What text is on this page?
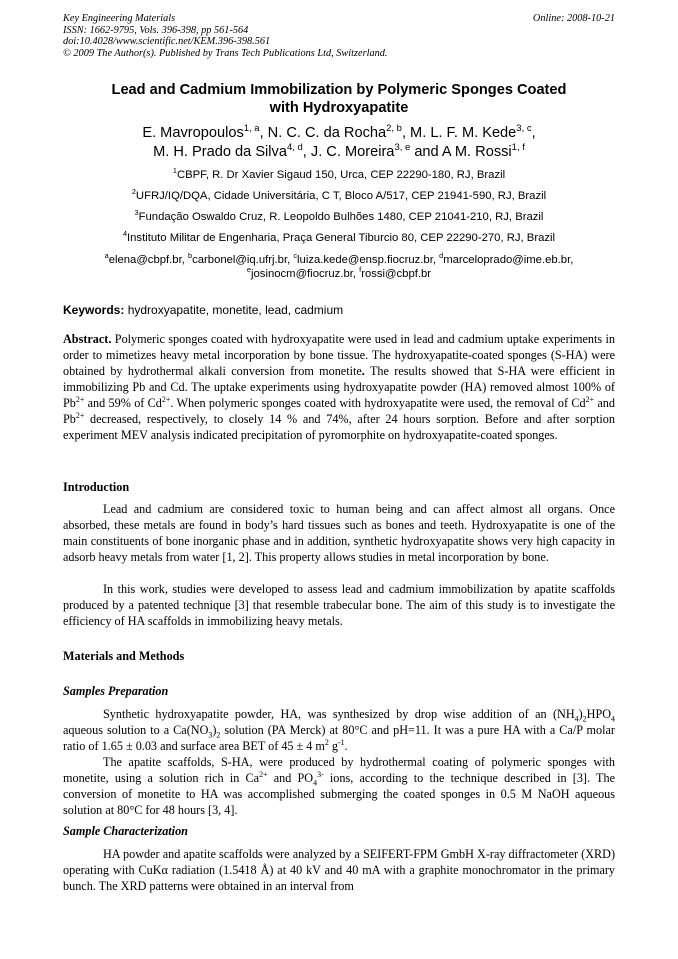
Key Engineering Materials
ISSN: 1662-9795, Vols. 396-398, pp 561-564
doi:10.4028/www.scientific.net/KEM.396-398.561
© 2009 The Author(s). Published by Trans Tech Publications Ltd, Switzerland.
Online: 2008-10-21
Lead and Cadmium Immobilization by Polymeric Sponges Coated
with Hydroxyapatite
E. Mavropoulos$^{1, a}$, N. C. C. da Rocha$^{2, b}$, M. L. F. M. Kede$^{3, c}$,
M. H. Prado da Silva$^{4, d}$, J. C. Moreira$^{3, e}$ and A M. Rossi$^{1, f}$
$^1$CBPF, R. Dr Xavier Sigaud 150, Urca, CEP 22290-180, RJ, Brazil
$^2$UFRJ/IQ/DQA, Cidade Universitária, C T, Bloco A/517, CEP 21941-590, RJ, Brazil
$^3$Fundação Oswaldo Cruz, R. Leopoldo Bulhões 1480, CEP 21041-210, RJ, Brazil
$^4$Instituto Militar de Engenharia, Praça General Tiburcio 80, CEP 22290-270, RJ, Brazil
$^a$elena@cbpf.br, $^b$carbonel@iq.ufrj.br, $^c$luiza.kede@ensp.fiocruz.br, $^d$marceloprado@ime.eb.br,
$^e$josinocm@fiocruz.br, $^f$rossi@cbpf.br
Keywords: hydroxyapatite, monetite, lead, cadmium
Abstract. Polymeric sponges coated with hydroxyapatite were used in lead and cadmium uptake experiments in order to mimetizes heavy metal incorporation by bone tissue. The hydroxyapatite-coated sponges (S-HA) were obtained by hydrothermal alkali conversion from monetite. The results showed that S-HA were efficient in immobilizing Pb and Cd. The uptake experiments using hydroxyapatite powder (HA) removed almost 100% of $Pb^{2+}$ and 59% of $Cd^{2+}$. When polymeric sponges coated with hydroxyapatite were used, the removal of $Cd^{2+}$ and $Pb^{2+}$ decreased, respectively, to closely 14 % and 74%, after 24 hours sorption. Before and after sorption experiment MEV analysis indicated precipitation of pyromorphite on hydroxyapatite-coated sponges.
Introduction
Lead and cadmium are considered toxic to human being and can affect almost all organs. Once absorbed, these metals are found in body’s hard tissues such as bones and teeth. Hydroxyapatite is one of the main constituents of bone inorganic phase and in addition, synthetic hydroxyapatite shows very high capacity in adsorb heavy metals from water [1, 2]. This property allows studies in metal incorporation by bone.
In this work, studies were developed to assess lead and cadmium immobilization by apatite scaffolds produced by a patented technique [3] that resemble trabecular bone. The aim of this study is to investigate the efficiency of HA scaffolds in immobilizing heavy metals.
Materials and Methods
Samples Preparation
Synthetic hydroxyapatite powder, HA, was synthesized by drop wise addition of an $(NH_4)_2HPO_4$ aqueous solution to a $Ca(NO_3)_2$ solution (PA Merck) at 80°C and pH=11. It was a pure HA with a Ca/P molar ratio of 1.65 ± 0.03 and surface area BET of 45 ± 4 $m^2$ $g^{-1}$.
The apatite scaffolds, S-HA, were produced by hydrothermal coating of polymeric sponges with monetite, using a solution rich in $Ca^{2+}$ and $PO_4^{3-}$ ions, according to the technique described in [3]. The conversion of monetite to HA was accomplished submerging the coated sponges in 0.5 M NaOH aqueous solution at 80°C for 48 hours [3, 4].
Sample Characterization
HA powder and apatite scaffolds were analyzed by a SEIFERT-FPM GmbH X-ray diffractometer (XRD) operating with CuKα radiation (1.5418 Å) at 40 kV and 40 mA with a graphite monochromator in the primary bunch. The XRD patterns were obtained in an interval from
